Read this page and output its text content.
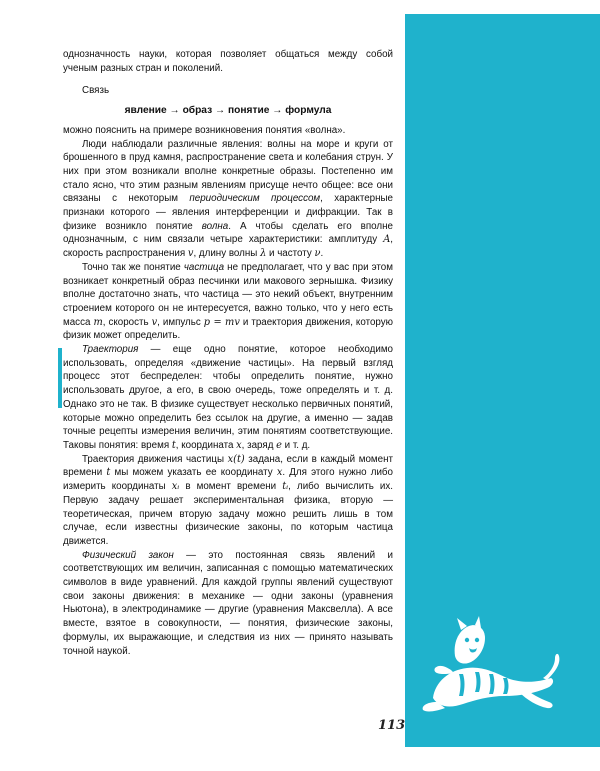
однозначность науки, которая позволяет общаться между собой ученым разных стран и поколений.

Связь

явление → образ → понятие → формула

можно пояснить на примере возникновения понятия «волна».

Люди наблюдали различные явления: волны на море и круги от брошенного в пруд камня, распространение света и колебания струн. У них при этом возникали вполне конкретные образы. Постепенно им стало ясно, что этим разным явлениям присуще нечто общее: все они связаны с некоторым периодическим процессом, характерные признаки которого — явления интерференции и дифракции. Так в физике возникло понятие волна. А чтобы сделать его вполне однозначным, с ним связали четыре характеристики: амплитуду A, скорость распространения v, длину волны λ и частоту ν.

Точно так же понятие частица не предполагает, что у вас при этом возникает конкретный образ песчинки или макового зернышка. Физику вполне достаточно знать, что частица — это некий объект, внутренним строением которого он не интересуется, важно только, что у него есть масса m, скорость v, импульс p = mv и траектория движения, которую физик может определить.

Траектория — еще одно понятие, которое необходимо использовать, определяя «движение частицы». На первый взгляд процесс этот беспределен: чтобы определить понятие, нужно использовать другое, а его, в свою очередь, тоже определять и т. д. Однако это не так. В физике существует несколько первичных понятий, которые можно определить без ссылок на другие, а именно — задав точные рецепты измерения величин, этим понятиям соответствующие. Таковы понятия: время t, координата x, заряд e и т. д.

Траектория движения частицы x(t) задана, если в каждый момент времени t мы можем указать ее координату x. Для этого нужно либо измерить координаты xᵢ в момент времени tᵢ, либо вычислить их. Первую задачу решает экспериментальная физика, вторую — теоретическая, причем вторую задачу можно решить лишь в том случае, если известны физические законы, по которым частица движется.

Физический закон — это постоянная связь явлений и соответствующих им величин, записанная с помощью математических символов в виде уравнений. Для каждой группы явлений существуют свои законы движения: в механике — одни законы (уравнения Ньютона), в электродинамике — другие (уравнения Максвелла). А все вместе, взятое в совокупности, — понятия, физические законы, формулы, их выражающие, и следствия из них — принято называть точной наукой.

113
